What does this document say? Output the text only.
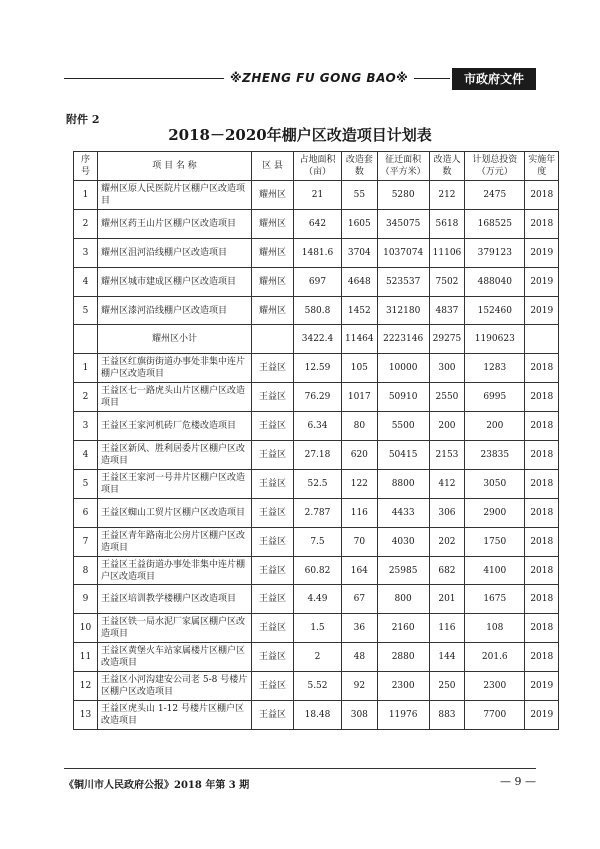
※ZHENG FU GONG BAO※	市政府文件
附件 2
2018－2020年棚户区改造项目计划表
序号	项 目 名 称	区 县	占地面积（亩）	改造套数	征迁面积（平方米）	改造人数	计划总投资（万元）	实施年度
1	耀州区原人民医院片区棚户区改造项目	耀州区	21	55	5280	212	2475	2018
2	耀州区药王山片区棚户区改造项目	耀州区	642	1605	345075	5618	168525	2018
3	耀州区沮河沿线棚户区改造项目	耀州区	1481.6	3704	1037074	11106	379123	2019
4	耀州区城市建成区棚户区改造项目	耀州区	697	4648	523537	7502	488040	2019
5	耀州区漆河沿线棚户区改造项目	耀州区	580.8	1452	312180	4837	152460	2019
	耀州区小计		3422.4	11464	2223146	29275	1190623	
1	王益区红旗街街道办事处非集中连片棚户区改造项目	王益区	12.59	105	10000	300	1283	2018
2	王益区七一路虎头山片区棚户区改造项目	王益区	76.29	1017	50910	2550	6995	2018
3	王益区王家河机砖厂危楼改造项目	王益区	6.34	80	5500	200	200	2018
4	王益区新风、胜利居委片区棚户区改造项目	王益区	27.18	620	50415	2153	23835	2018
5	王益区王家河一号井片区棚户区改造项目	王益区	52.5	122	8800	412	3050	2018
6	王益区蜘山工贸片区棚户区改造项目	王益区	2.787	116	4433	306	2900	2018
7	王益区青年路南北公房片区棚户区改造项目	王益区	7.5	70	4030	202	1750	2018
8	王益区王益街道办事处非集中连片棚户区改造项目	王益区	60.82	164	25985	682	4100	2018
9	王益区培训教学楼棚户区改造项目	王益区	4.49	67	800	201	1675	2018
10	王益区铁一局水泥厂家属区棚户区改造项目	王益区	1.5	36	2160	116	108	2018
11	王益区黄堡火车站家属楼片区棚户区改造项目	王益区	2	48	2880	144	201.6	2018
12	王益区小河沟建安公司老 5-8 号楼片区棚户区改造项目	王益区	5.52	92	2300	250	2300	2019
13	王益区虎头山 1-12 号楼片区棚户区改造项目	王益区	18.48	308	11976	883	7700	2019
《铜川市人民政府公报》2018 年第 3 期	— 9 —
